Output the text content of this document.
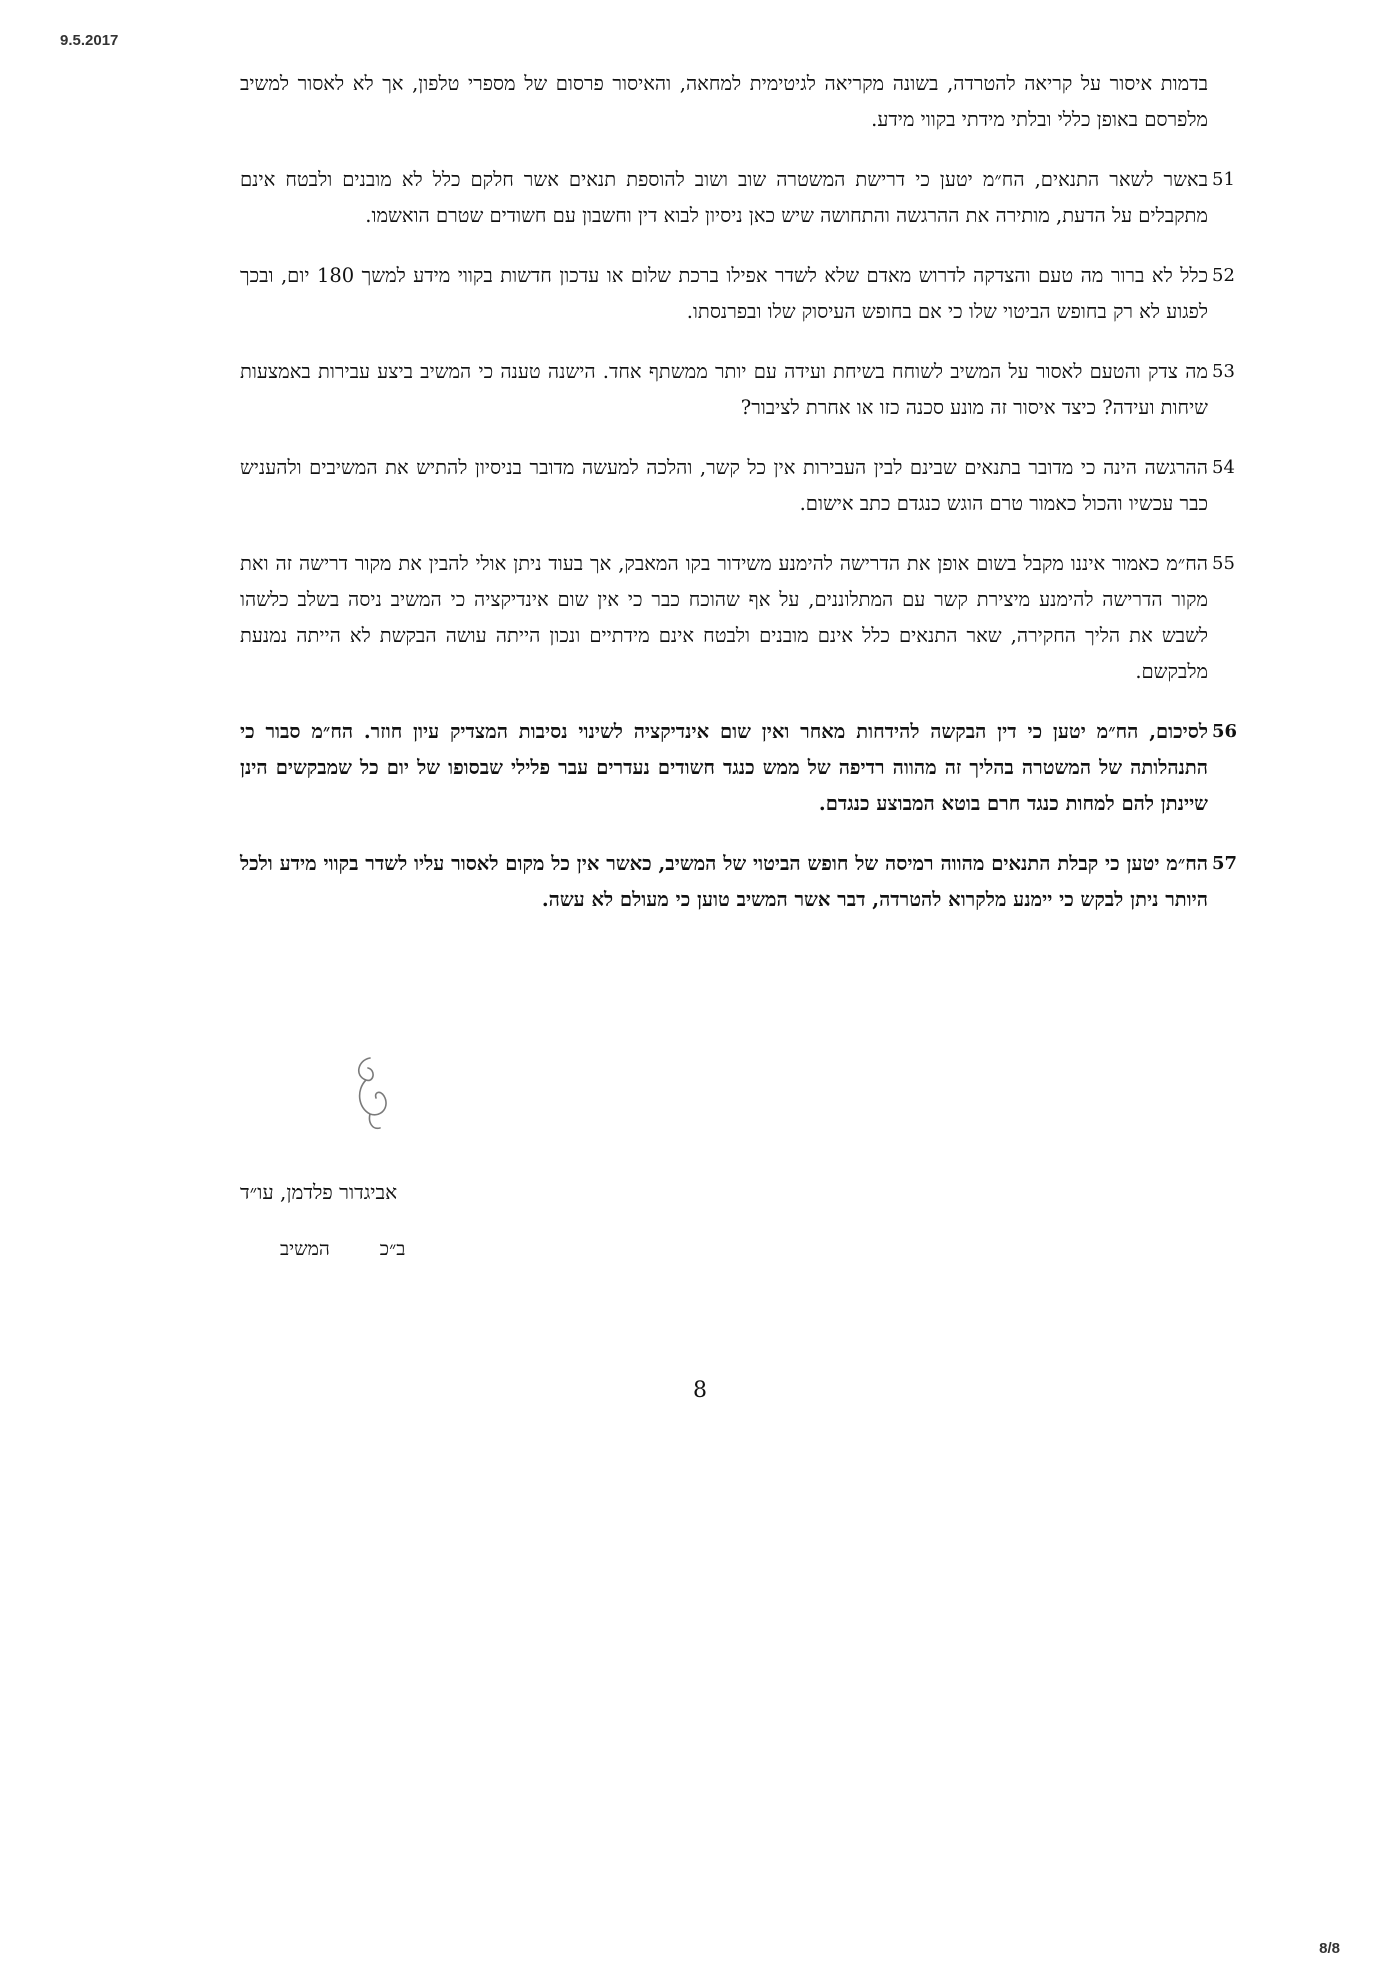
9.5.2017

בדמות איסור על קריאה להטרדה, בשונה מקריאה לגיטימית למחאה, והאיסור פרסום של מספרי טלפון, אך לא לאסור למשיב מלפרסם באופן כללי ובלתי מידתי בקווי מידע.
51
באשר לשאר התנאים, הח״מ יטען כי דרישת המשטרה שוב ושוב להוספת תנאים אשר חלקם כלל לא מובנים ולבטח אינם מתקבלים על הדעת, מותירה את ההרגשה והתחושה שיש כאן ניסיון לבוא דין וחשבון עם חשודים שטרם הואשמו.
52
כלל לא ברור מה טעם והצדקה לדרוש מאדם שלא לשדר אפילו ברכת שלום או עדכון חדשות בקווי מידע למשך 180 יום, ובכך לפגוע לא רק בחופש הביטוי שלו כי אם בחופש העיסוק שלו ובפרנסתו.
53
מה צדק והטעם לאסור על המשיב לשוחח בשיחת ועידה עם יותר ממשתף אחד. הישנה טענה כי המשיב ביצע עבירות באמצעות שיחות ועידה? כיצד איסור זה מונע סכנה כזו או אחרת לציבור?
54
ההרגשה הינה כי מדובר בתנאים שבינם לבין העבירות אין כל קשר, והלכה למעשה מדובר בניסיון להתיש את המשיבים ולהעניש כבר עכשיו והכול כאמור טרם הוגש כנגדם כתב אישום.
55
הח״מ כאמור איננו מקבל בשום אופן את הדרישה להימנע משידור בקו המאבק, אך בעוד ניתן אולי להבין את מקור דרישה זה ואת מקור הדרישה להימנע מיצירת קשר עם המתלוננים, על אף שהוכח כבר כי אין שום אינדיקציה כי המשיב ניסה בשלב כלשהו לשבש את הליך החקירה, שאר התנאים כלל אינם מובנים ולבטח אינם מידתיים ונכון הייתה עושה הבקשת לא הייתה נמנעת מלבקשם.
56
לסיכום, הח״מ יטען כי דין הבקשה להידחות מאחר ואין שום אינדיקציה לשינוי נסיבות המצדיק עיון חוזר. הח״מ סבור כי התנהלותה של המשטרה בהליך זה מהווה רדיפה של ממש כנגד חשודים נעדרים עבר פלילי שבסופו של יום כל שמבקשים הינן שיינתן להם למחות כנגד חרם בוטא המבוצע כנגדם.
57
הח״מ יטען כי קבלת התנאים מהווה רמיסה של חופש הביטוי של המשיב, כאשר אין כל מקום לאסור עליו לשדר בקווי מידע ולכל היותר ניתן לבקש כי יימנע מלקרוא להטרדה, דבר אשר המשיב טוען כי מעולם לא עשה.

אביגדור פלדמן, עו״ד

ב״כהמשיב

8

8/8
